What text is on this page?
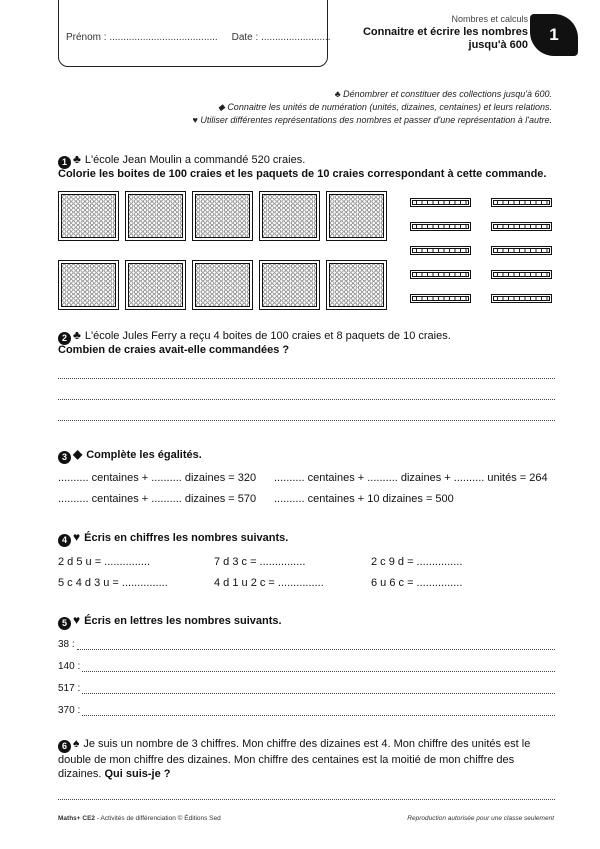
Prénom : ....................................... Date : .........................
Nombres et calculs
Connaitre et écrire les nombres
jusqu'à 600
1
♣ Dénombrer et constituer des collections jusqu'à 600.
◆ Connaitre les unités de numération (unités, dizaines, centaines) et leurs relations.
♥ Utiliser différentes représentations des nombres et passer d'une représentation à l'autre.
1 ♣ L'école Jean Moulin a commandé 520 craies.
Colorie les boites de 100 craies et les paquets de 10 craies correspondant à cette commande.
2 ♣ L'école Jules Ferry a reçu 4 boites de 100 craies et 8 paquets de 10 craies.
Combien de craies avait-elle commandées ?
3 ◆ Complète les égalités.
.......... centaines + .......... dizaines = 320 .......... centaines + .......... dizaines + .......... unités = 264
.......... centaines + .......... dizaines = 570 .......... centaines + 10 dizaines = 500
4 ♥ Écris en chiffres les nombres suivants.
2 d 5 u = ...............	7 d 3 c = ...............	2 c 9 d = ...............
5 c 4 d 3 u = ...............	4 d 1 u 2 c = ...............	6 u 6 c = ...............
5 ♥ Écris en lettres les nombres suivants.
38 :
140 :
517 :
370 :
6 ♠ Je suis un nombre de 3 chiffres. Mon chiffre des dizaines est 4. Mon chiffre des unités est le double de mon chiffre des dizaines. Mon chiffre des centaines est la moitié de mon chiffre des dizaines. Qui suis-je ?
Maths+ CE2 - Activités de différenciation © Éditions Sed	Reproduction autorisée pour une classe seulement
